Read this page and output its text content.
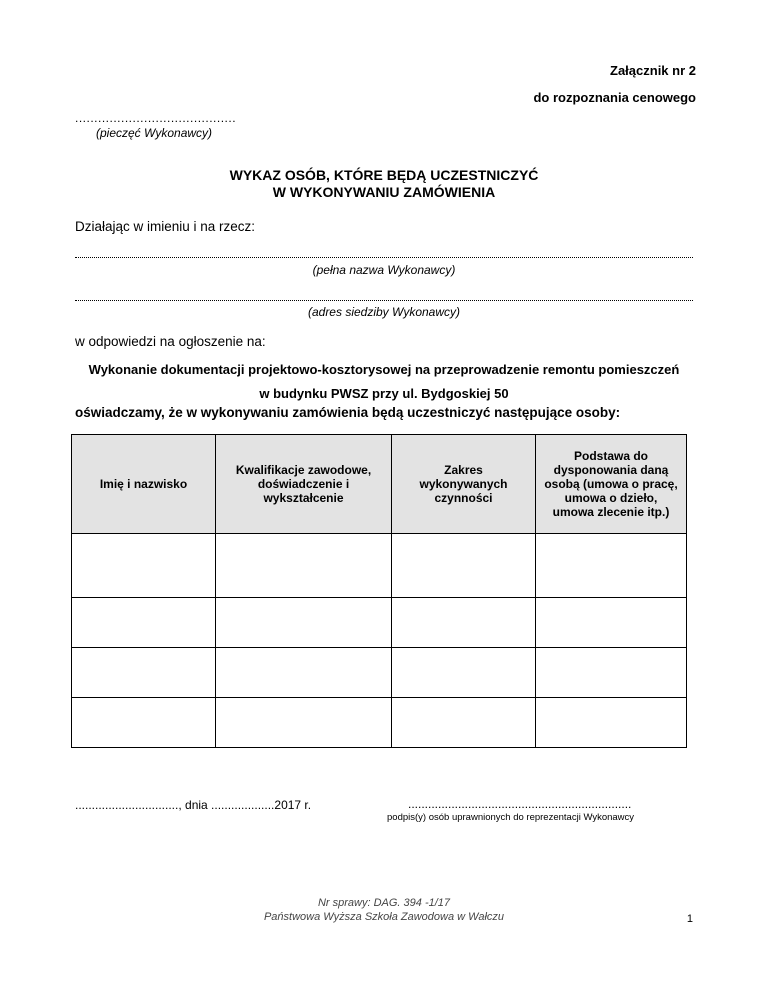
Załącznik nr 2
do rozpoznania cenowego
..........................................
(pieczęć Wykonawcy)
WYKAZ OSÓB, KTÓRE BĘDĄ UCZESTNICZYĆ
W WYKONYWANIU ZAMÓWIENIA
Działając w imieniu i na rzecz:
(pełna nazwa Wykonawcy)
(adres siedziby Wykonawcy)
w odpowiedzi na ogłoszenie na:
Wykonanie dokumentacji projektowo-kosztorysowej na przeprowadzenie remontu pomieszczeń
w budynku PWSZ przy ul. Bydgoskiej 50
oświadczamy, że w wykonywaniu zamówienia będą uczestniczyć następujące osoby:
Imię i nazwisko	Kwalifikacje zawodowe, doświadczenie i wykształcenie	Zakres wykonywanych czynności	Podstawa do dysponowania daną osobą (umowa o pracę, umowa o dzieło, umowa zlecenie itp.)

..............................., dnia ...................2017 r.	...................................................................
podpis(y) osób uprawnionych do reprezentacji Wykonawcy
Nr sprawy: DAG. 394 -1/17
Państwowa Wyższa Szkoła Zawodowa w Wałczu	1
